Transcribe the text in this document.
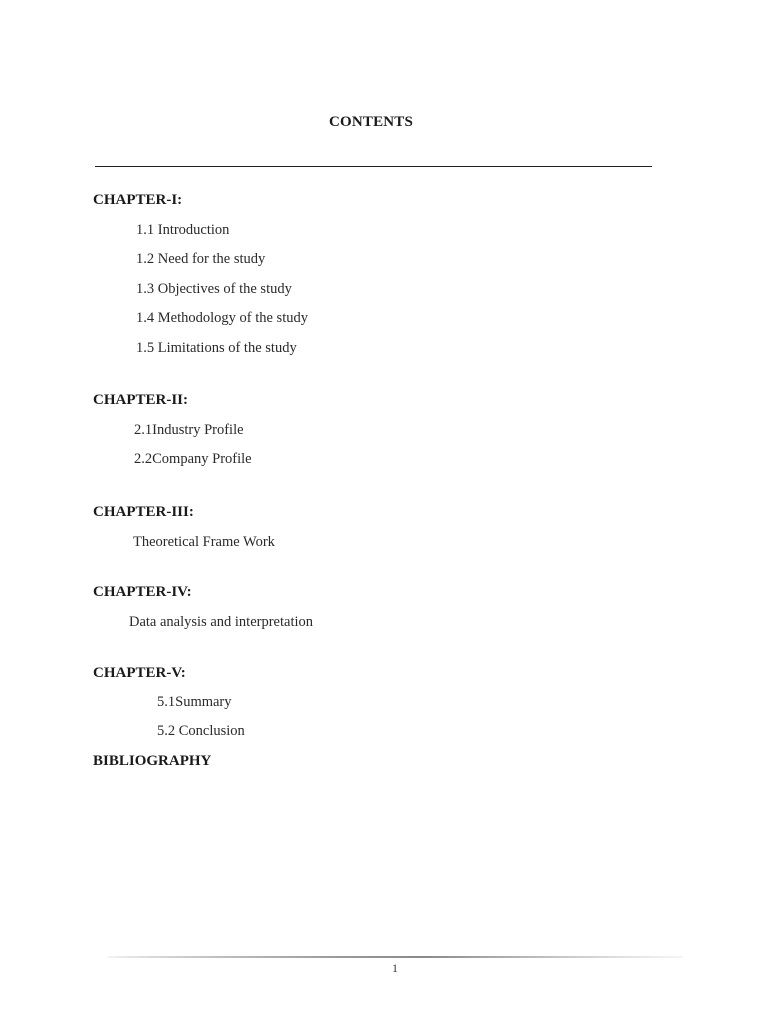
CONTENTS
CHAPTER-I:
1.1 Introduction
1.2 Need for the study
1.3 Objectives of the study
1.4 Methodology of the study
1.5 Limitations of the study
CHAPTER-II:
2.1Industry Profile
2.2Company Profile
CHAPTER-III:
Theoretical Frame Work
CHAPTER-IV:
Data analysis and interpretation
CHAPTER-V:
5.1Summary
5.2 Conclusion
BIBLIOGRAPHY
1
